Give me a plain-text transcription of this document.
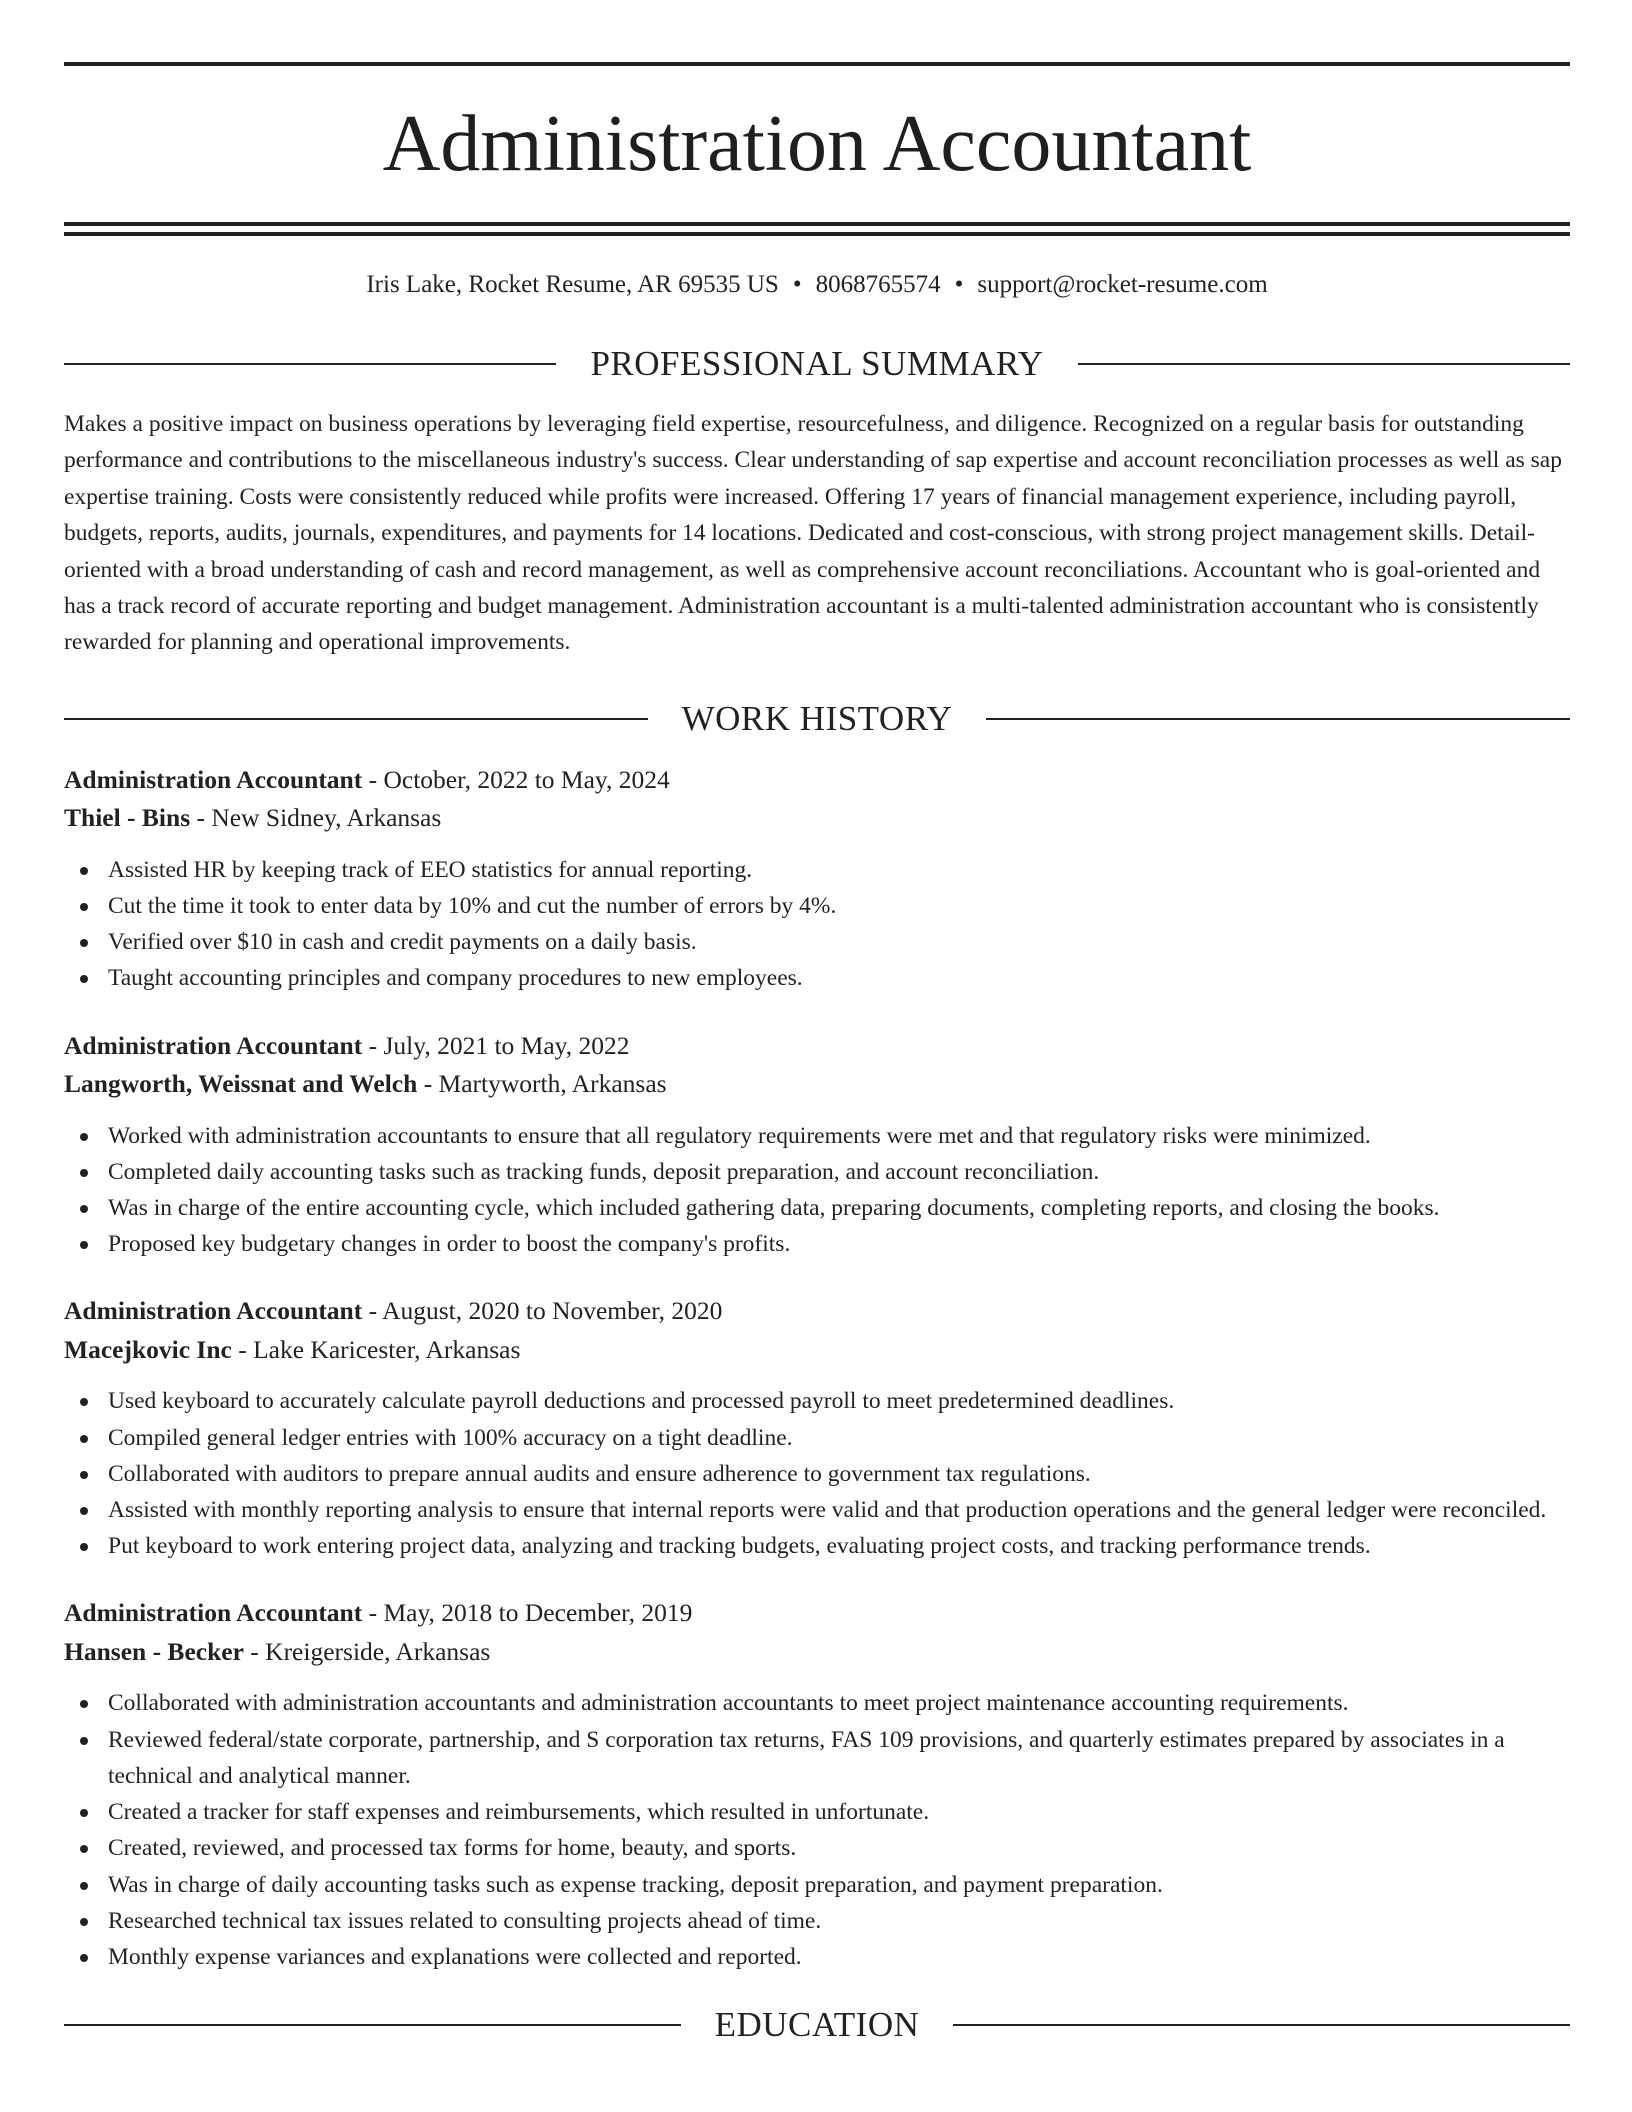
Administration Accountant
Iris Lake, Rocket Resume, AR 69535 US • 8068765574 • support@rocket-resume.com
PROFESSIONAL SUMMARY

Makes a positive impact on business operations by leveraging field expertise, resourcefulness, and diligence. Recognized on a regular basis for outstanding performance and contributions to the miscellaneous industry's success. Clear understanding of sap expertise and account reconciliation processes as well as sap expertise training. Costs were consistently reduced while profits were increased. Offering 17 years of financial management experience, including payroll, budgets, reports, audits, journals, expenditures, and payments for 14 locations. Dedicated and cost-conscious, with strong project management skills. Detail-oriented with a broad understanding of cash and record management, as well as comprehensive account reconciliations. Accountant who is goal-oriented and has a track record of accurate reporting and budget management. Administration accountant is a multi-talented administration accountant who is consistently rewarded for planning and operational improvements.

WORK HISTORY
Administration Accountant - October, 2022 to May, 2024
Thiel - Bins - New Sidney, Arkansas
Assisted HR by keeping track of EEO statistics for annual reporting.
Cut the time it took to enter data by 10% and cut the number of errors by 4%.
Verified over $10 in cash and credit payments on a daily basis.
Taught accounting principles and company procedures to new employees.
Administration Accountant - July, 2021 to May, 2022
Langworth, Weissnat and Welch - Martyworth, Arkansas
Worked with administration accountants to ensure that all regulatory requirements were met and that regulatory risks were minimized.
Completed daily accounting tasks such as tracking funds, deposit preparation, and account reconciliation.
Was in charge of the entire accounting cycle, which included gathering data, preparing documents, completing reports, and closing the books.
Proposed key budgetary changes in order to boost the company's profits.
Administration Accountant - August, 2020 to November, 2020
Macejkovic Inc - Lake Karicester, Arkansas
Used keyboard to accurately calculate payroll deductions and processed payroll to meet predetermined deadlines.
Compiled general ledger entries with 100% accuracy on a tight deadline.
Collaborated with auditors to prepare annual audits and ensure adherence to government tax regulations.
Assisted with monthly reporting analysis to ensure that internal reports were valid and that production operations and the general ledger were reconciled.
Put keyboard to work entering project data, analyzing and tracking budgets, evaluating project costs, and tracking performance trends.
Administration Accountant - May, 2018 to December, 2019
Hansen - Becker - Kreigerside, Arkansas
Collaborated with administration accountants and administration accountants to meet project maintenance accounting requirements.
Reviewed federal/state corporate, partnership, and S corporation tax returns, FAS 109 provisions, and quarterly estimates prepared by associates in a technical and analytical manner.
Created a tracker for staff expenses and reimbursements, which resulted in unfortunate.
Created, reviewed, and processed tax forms for home, beauty, and sports.
Was in charge of daily accounting tasks such as expense tracking, deposit preparation, and payment preparation.
Researched technical tax issues related to consulting projects ahead of time.
Monthly expense variances and explanations were collected and reported.
EDUCATION
